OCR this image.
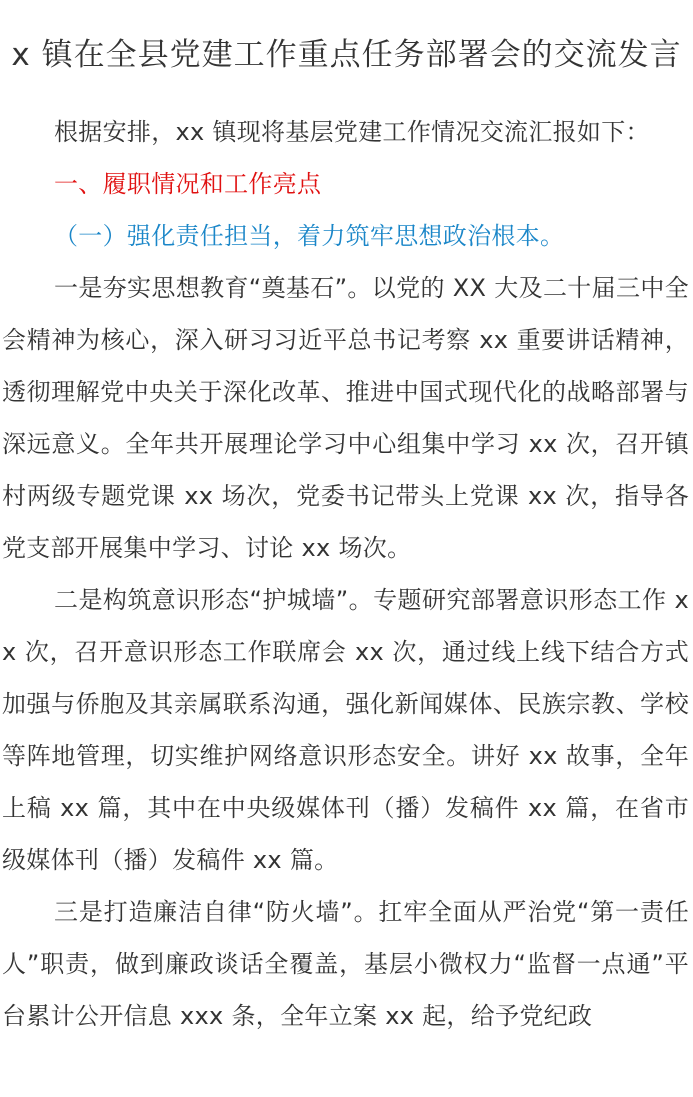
x 镇在全县党建工作重点任务部署会的交流发言

根据安排，xx 镇现将基层党建工作情况交流汇报如下：

一、履职情况和工作亮点

（一）强化责任担当，着力筑牢思想政治根本。

一是夯实思想教育“奠基石”。以党的 XX 大及二十届三中全会精神为核心，深入研习习近平总书记考察 xx 重要讲话精神，透彻理解党中央关于深化改革、推进中国式现代化的战略部署与深远意义。全年共开展理论学习中心组集中学习 xx 次，召开镇村两级专题党课 xx 场次，党委书记带头上党课 xx 次，指导各党支部开展集中学习、讨论 xx 场次。

二是构筑意识形态“护城墙”。专题研究部署意识形态工作 xx 次，召开意识形态工作联席会 xx 次，通过线上线下结合方式加强与侨胞及其亲属联系沟通，强化新闻媒体、民族宗教、学校等阵地管理，切实维护网络意识形态安全。讲好 xx 故事，全年上稿 xx 篇，其中在中央级媒体刊（播）发稿件 xx 篇，在省市级媒体刊（播）发稿件 xx 篇。

三是打造廉洁自律“防火墙”。扛牢全面从严治党“第一责任人”职责，做到廉政谈话全覆盖，基层小微权力“监督一点通”平台累计公开信息 xxx 条，全年立案 xx 起，给予党纪政
